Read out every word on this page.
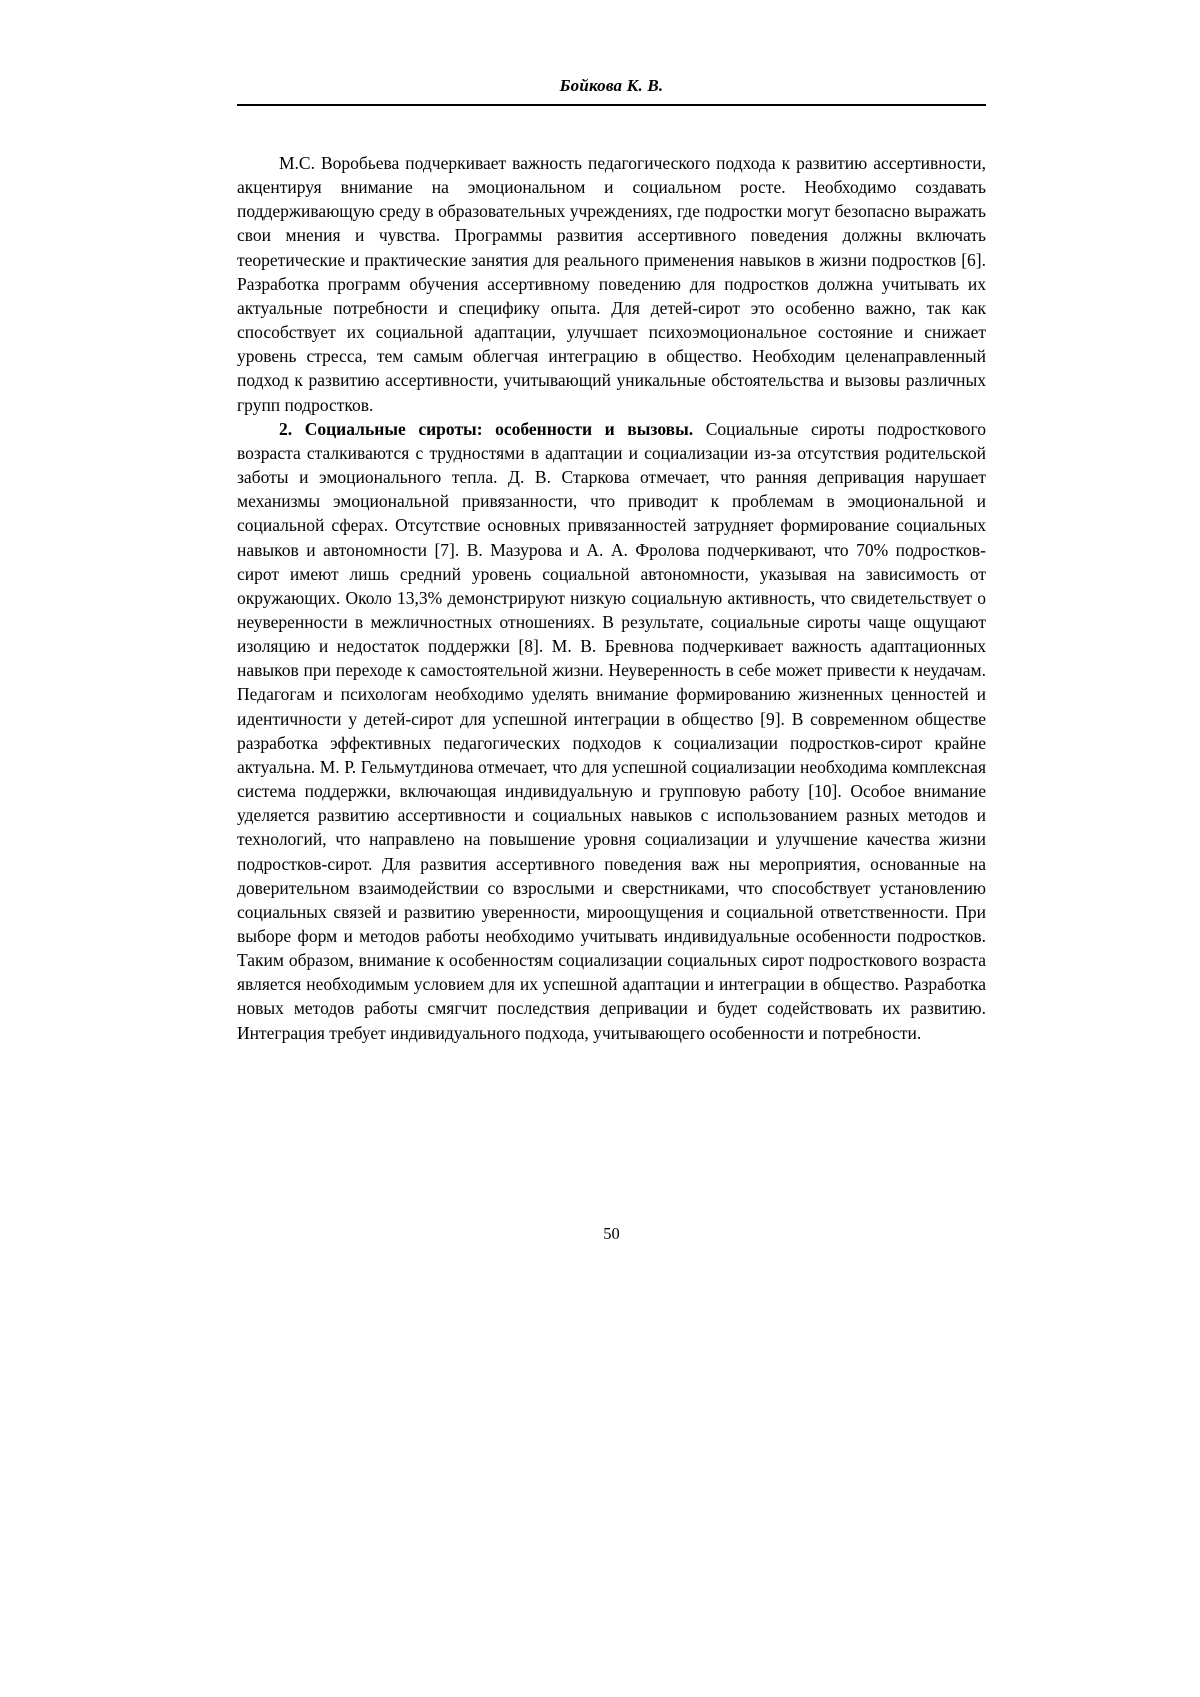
Бойкова К. В.

М.С. Воробьева подчеркивает важность педагогического подхода к развитию ассертивности, акцентируя внимание на эмоциональном и социальном росте. Необходимо создавать поддерживающую среду в образовательных учреждениях, где подростки могут безопасно выражать свои мнения и чувства. Программы развития ассертивного поведения должны включать теоретические и практические занятия для реального применения навыков в жизни подростков [6]. Разработка программ обучения ассертивному поведению для подростков должна учитывать их актуальные потребности и специфику опыта. Для детей-сирот это особенно важно, так как способствует их социальной адаптации, улучшает психоэмоциональное состояние и снижает уровень стресса, тем самым облегчая интеграцию в общество. Необходим целенаправленный подход к развитию ассертивности, учитывающий уникальные обстоятельства и вызовы различных групп подростков.

2. Социальные сироты: особенности и вызовы. Социальные сироты подросткового возраста сталкиваются с трудностями в адаптации и социализации из-за отсутствия родительской заботы и эмоционального тепла. Д. В. Старкова отмечает, что ранняя депривация нарушает механизмы эмоциональной привязанности, что приводит к проблемам в эмоциональной и социальной сферах. Отсутствие основных привязанностей затрудняет формирование социальных навыков и автономности [7]. В. Мазурова и А. А. Фролова подчеркивают, что 70% подростков-сирот имеют лишь средний уровень социальной автономности, указывая на зависимость от окружающих. Около 13,3% демонстрируют низкую социальную активность, что свидетельствует о неуверенности в межличностных отношениях. В результате, социальные сироты чаще ощущают изоляцию и недостаток поддержки [8]. М. В. Бревнова подчеркивает важность адаптационных навыков при переходе к самостоятельной жизни. Неуверенность в себе может привести к неудачам. Педагогам и психологам необходимо уделять внимание формированию жизненных ценностей и идентичности у детей-сирот для успешной интеграции в общество [9]. В современном обществе разработка эффективных педагогических подходов к социализации подростков-сирот крайне актуальна. М. Р. Гельмутдинова отмечает, что для успешной социализации необходима комплексная система поддержки, включающая индивидуальную и групповую работу [10]. Особое внимание уделяется развитию ассертивности и социальных навыков с использованием разных методов и технологий, что направлено на повышение уровня социализации и улучшение качества жизни подростков-сирот. Для развития ассертивного поведения важ ны мероприятия, основанные на доверительном взаимодействии со взрослыми и сверстниками, что способствует установлению социальных связей и развитию уверенности, мироощущения и социальной ответственности. При выборе форм и методов работы необходимо учитывать индивидуальные особенности подростков. Таким образом, внимание к особенностям социализации социальных сирот подросткового возраста является необходимым условием для их успешной адаптации и интеграции в общество. Разработка новых методов работы смягчит последствия депривации и будет содействовать их развитию. Интеграция требует индивидуального подхода, учитывающего особенности и потребности.

50
